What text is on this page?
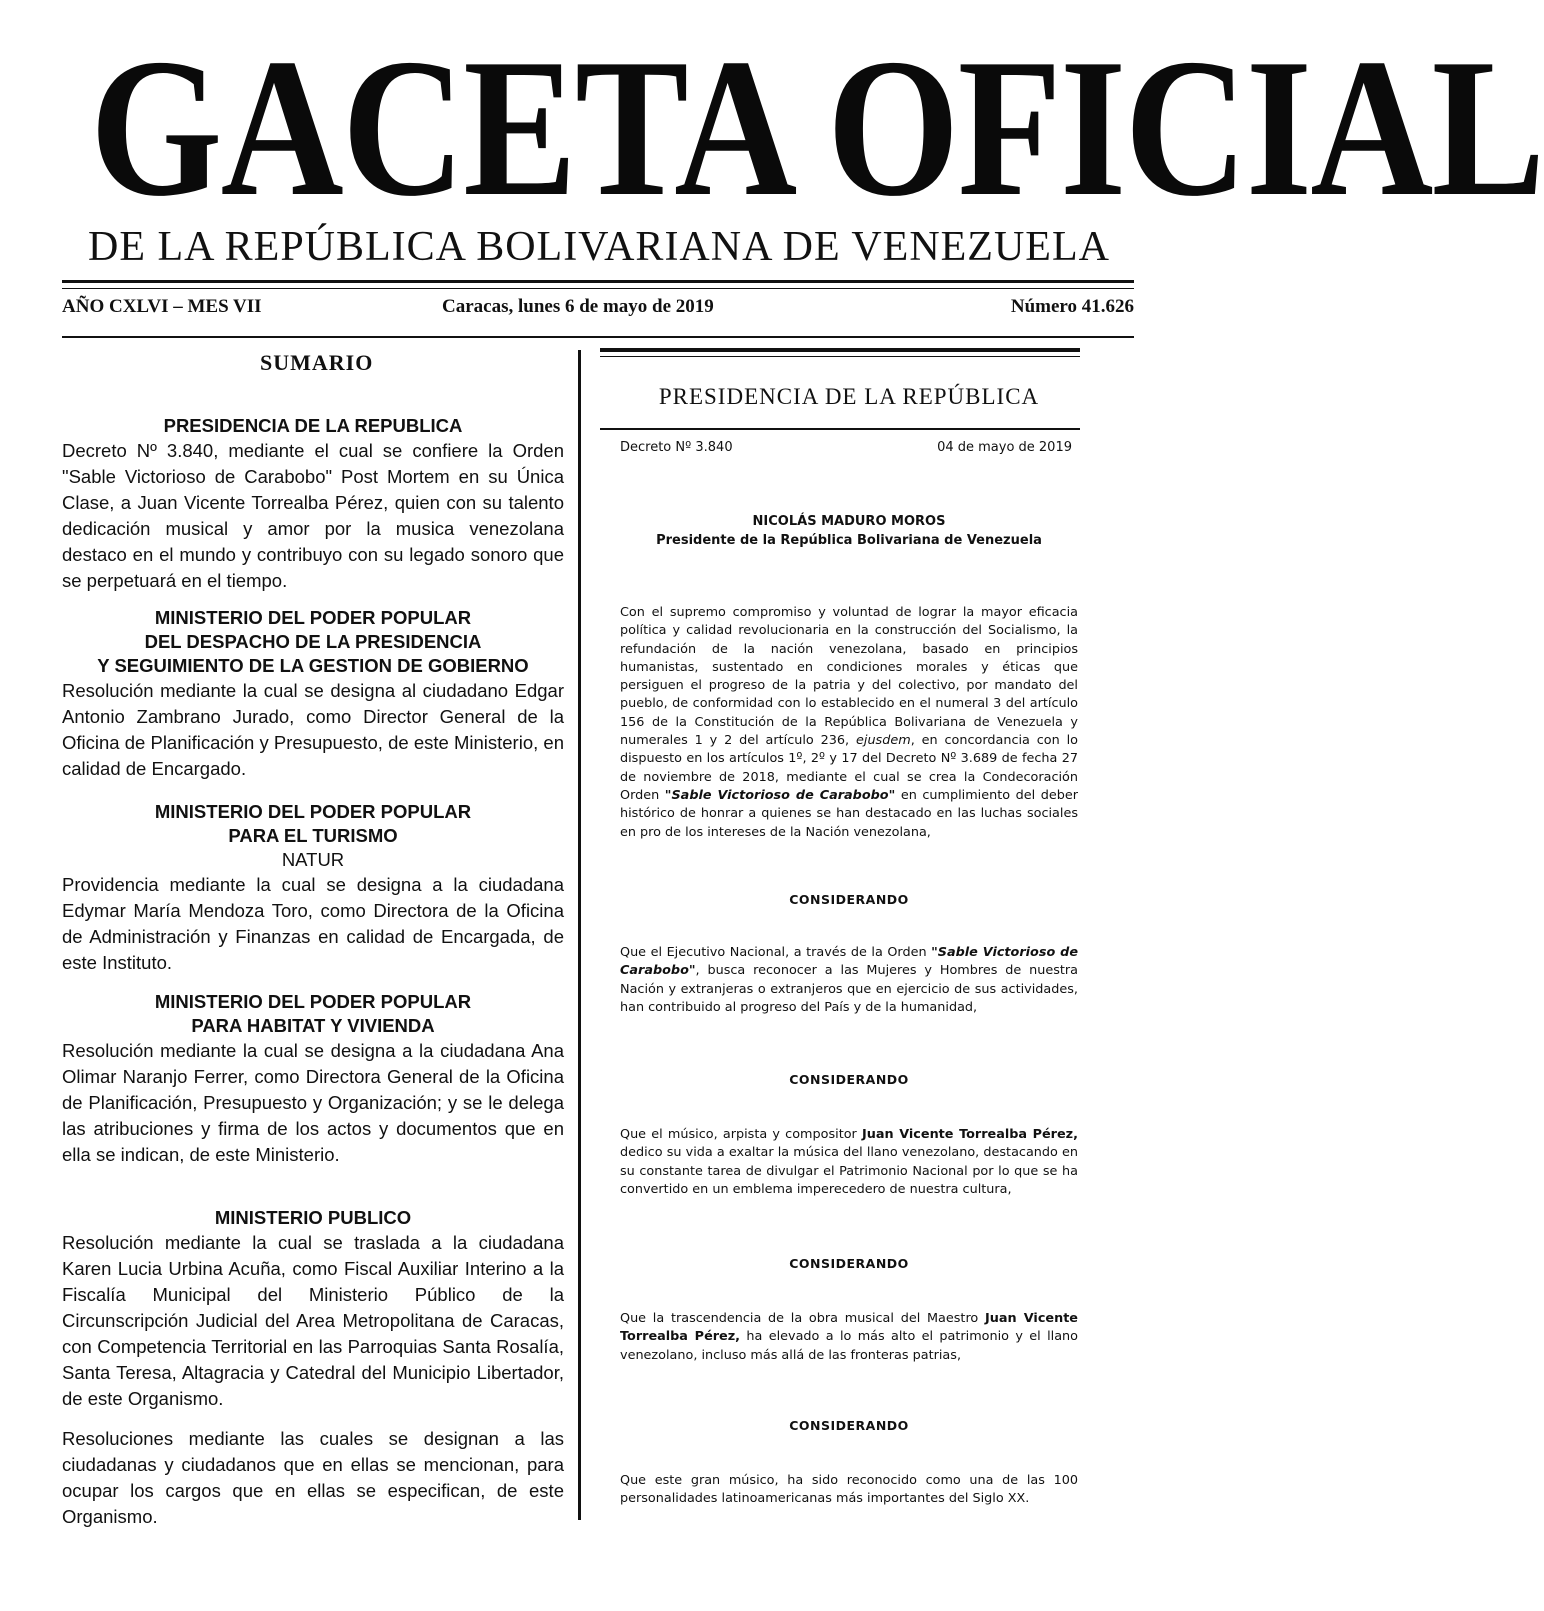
GACETA OFICIAL
DE LA REPÚBLICA BOLIVARIANA DE VENEZUELA
AÑO CXLVI – MES VII	Caracas, lunes 6 de mayo de 2019	Número 41.626
SUMARIO
PRESIDENCIA DE LA REPUBLICA

Decreto Nº 3.840, mediante el cual se confiere la Orden "Sable Victorioso de Carabobo" Post Mortem en su Única Clase, a Juan Vicente Torrealba Pérez, quien con su talento dedicación musical y amor por la musica venezolana destaco en el mundo y contribuyo con su legado sonoro que se perpetuará en el tiempo.

MINISTERIO DEL PODER POPULAR
DEL DESPACHO DE LA PRESIDENCIA
Y SEGUIMIENTO DE LA GESTION DE GOBIERNO

Resolución mediante la cual se designa al ciudadano Edgar Antonio Zambrano Jurado, como Director General de la Oficina de Planificación y Presupuesto, de este Ministerio, en calidad de Encargado.

MINISTERIO DEL PODER POPULAR
PARA EL TURISMO
NATUR

Providencia mediante la cual se designa a la ciudadana Edymar María Mendoza Toro, como Directora de la Oficina de Administración y Finanzas en calidad de Encargada, de este Instituto.

MINISTERIO DEL PODER POPULAR
PARA HABITAT Y VIVIENDA

Resolución mediante la cual se designa a la ciudadana Ana Olimar Naranjo Ferrer, como Directora General de la Oficina de Planificación, Presupuesto y Organización; y se le delega las atribuciones y firma de los actos y documentos que en ella se indican, de este Ministerio.

MINISTERIO PUBLICO

Resolución mediante la cual se traslada a la ciudadana Karen Lucia Urbina Acuña, como Fiscal Auxiliar Interino a la Fiscalía Municipal del Ministerio Público de la Circunscripción Judicial del Area Metropolitana de Caracas, con Competencia Territorial en las Parroquias Santa Rosalía, Santa Teresa, Altagracia y Catedral del Municipio Libertador, de este Organismo.

Resoluciones mediante las cuales se designan a las ciudadanas y ciudadanos que en ellas se mencionan, para ocupar los cargos que en ellas se especifican, de este Organismo.

PRESIDENCIA DE LA REPÚBLICA
Decreto Nº 3.840	04 de mayo de 2019
NICOLÁS MADURO MOROS
Presidente de la República Bolivariana de Venezuela

Con el supremo compromiso y voluntad de lograr la mayor eficacia política y calidad revolucionaria en la construcción del Socialismo, la refundación de la nación venezolana, basado en principios humanistas, sustentado en condiciones morales y éticas que persiguen el progreso de la patria y del colectivo, por mandato del pueblo, de conformidad con lo establecido en el numeral 3 del artículo 156 de la Constitución de la República Bolivariana de Venezuela y numerales 1 y 2 del artículo 236, ejusdem, en concordancia con lo dispuesto en los artículos 1º, 2º y 17 del Decreto Nº 3.689 de fecha 27 de noviembre de 2018, mediante el cual se crea la Condecoración Orden "Sable Victorioso de Carabobo" en cumplimiento del deber histórico de honrar a quienes se han destacado en las luchas sociales en pro de los intereses de la Nación venezolana,

CONSIDERANDO

Que el Ejecutivo Nacional, a través de la Orden "Sable Victorioso de Carabobo", busca reconocer a las Mujeres y Hombres de nuestra Nación y extranjeras o extranjeros que en ejercicio de sus actividades, han contribuido al progreso del País y de la humanidad,

CONSIDERANDO

Que el músico, arpista y compositor Juan Vicente Torrealba Pérez, dedico su vida a exaltar la música del llano venezolano, destacando en su constante tarea de divulgar el Patrimonio Nacional por lo que se ha convertido en un emblema imperecedero de nuestra cultura,

CONSIDERANDO

Que la trascendencia de la obra musical del Maestro Juan Vicente Torrealba Pérez, ha elevado a lo más alto el patrimonio y el llano venezolano, incluso más allá de las fronteras patrias,

CONSIDERANDO

Que este gran músico, ha sido reconocido como una de las 100 personalidades latinoamericanas más importantes del Siglo XX.
